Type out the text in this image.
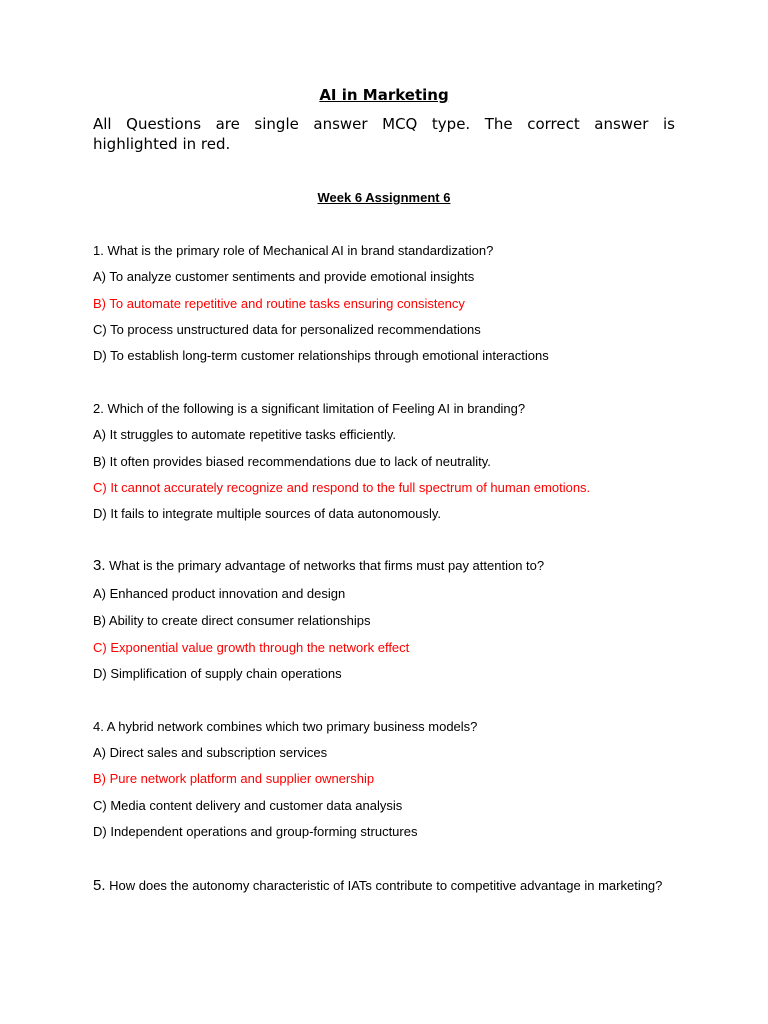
AI in Marketing
All Questions are single answer MCQ type. The correct answer is
highlighted in red.
Week 6 Assignment 6
1. What is the primary role of Mechanical AI in brand standardization?
A) To analyze customer sentiments and provide emotional insights
B) To automate repetitive and routine tasks ensuring consistency
C) To process unstructured data for personalized recommendations
D) To establish long-term customer relationships through emotional interactions
2. Which of the following is a significant limitation of Feeling AI in branding?
A) It struggles to automate repetitive tasks efficiently.
B) It often provides biased recommendations due to lack of neutrality.
C) It cannot accurately recognize and respond to the full spectrum of human emotions.
D) It fails to integrate multiple sources of data autonomously.
3. What is the primary advantage of networks that firms must pay attention to?
A) Enhanced product innovation and design
B) Ability to create direct consumer relationships
C) Exponential value growth through the network effect
D) Simplification of supply chain operations
4. A hybrid network combines which two primary business models?
A) Direct sales and subscription services
B) Pure network platform and supplier ownership
C) Media content delivery and customer data analysis
D) Independent operations and group-forming structures
5. How does the autonomy characteristic of IATs contribute to competitive advantage in marketing?
